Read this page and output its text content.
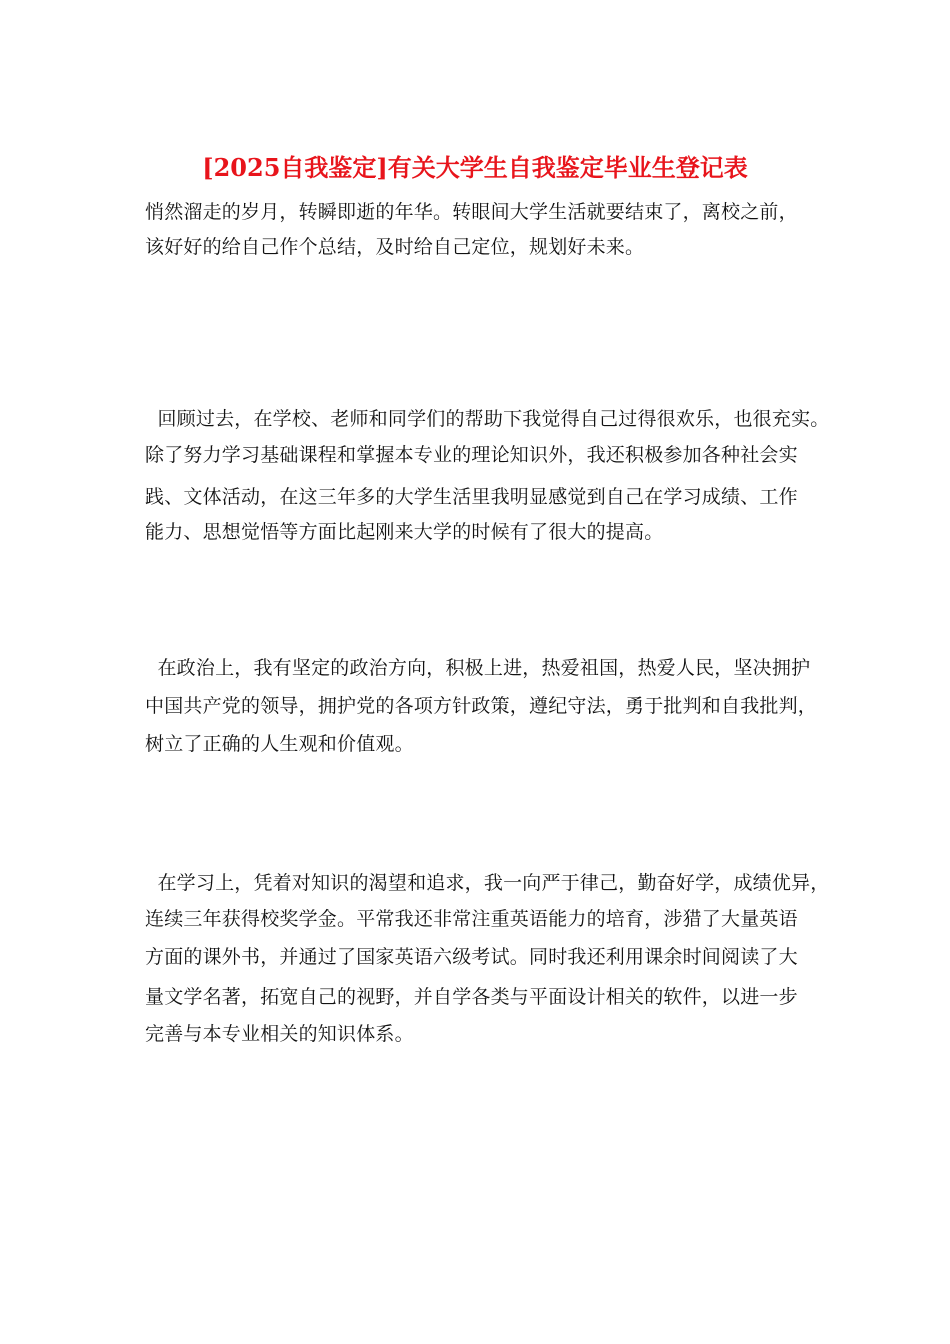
[2025自我鉴定]有关大学生自我鉴定毕业生登记表
悄然溜走的岁月，转瞬即逝的年华。转眼间大学生活就要结束了，离校之前，
该好好的给自己作个总结，及时给自己定位，规划好未来。
回顾过去，在学校、老师和同学们的帮助下我觉得自己过得很欢乐，也很充实。
除了努力学习基础课程和掌握本专业的理论知识外，我还积极参加各种社会实
践、文体活动，在这三年多的大学生活里我明显感觉到自己在学习成绩、工作
能力、思想觉悟等方面比起刚来大学的时候有了很大的提高。
在政治上，我有坚定的政治方向，积极上进，热爱祖国，热爱人民，坚决拥护
中国共产党的领导，拥护党的各项方针政策，遵纪守法，勇于批判和自我批判，
树立了正确的人生观和价值观。
在学习上，凭着对知识的渴望和追求，我一向严于律己，勤奋好学，成绩优异，
连续三年获得校奖学金。平常我还非常注重英语能力的培育，涉猎了大量英语
方面的课外书，并通过了国家英语六级考试。同时我还利用课余时间阅读了大
量文学名著，拓宽自己的视野，并自学各类与平面设计相关的软件，以进一步
完善与本专业相关的知识体系。
